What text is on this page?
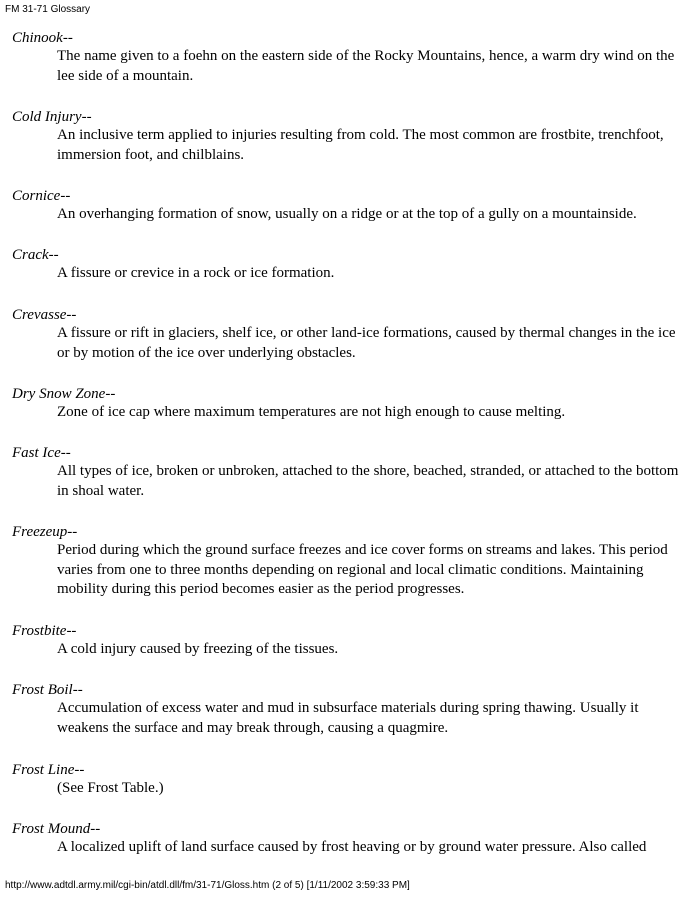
FM 31-71 Glossary
Chinook--
The name given to a foehn on the eastern side of the Rocky Mountains, hence, a warm dry wind on the lee side of a mountain.
Cold Injury--
An inclusive term applied to injuries resulting from cold. The most common are frostbite, trenchfoot, immersion foot, and chilblains.
Cornice--
An overhanging formation of snow, usually on a ridge or at the top of a gully on a mountainside.
Crack--
A fissure or crevice in a rock or ice formation.
Crevasse--
A fissure or rift in glaciers, shelf ice, or other land-ice formations, caused by thermal changes in the ice or by motion of the ice over underlying obstacles.
Dry Snow Zone--
Zone of ice cap where maximum temperatures are not high enough to cause melting.
Fast Ice--
All types of ice, broken or unbroken, attached to the shore, beached, stranded, or attached to the bottom in shoal water.
Freezeup--
Period during which the ground surface freezes and ice cover forms on streams and lakes. This period varies from one to three months depending on regional and local climatic conditions. Maintaining mobility during this period becomes easier as the period progresses.
Frostbite--
A cold injury caused by freezing of the tissues.
Frost Boil--
Accumulation of excess water and mud in subsurface materials during spring thawing. Usually it weakens the surface and may break through, causing a quagmire.
Frost Line--
(See Frost Table.)
Frost Mound--
A localized uplift of land surface caused by frost heaving or by ground water pressure. Also called
http://www.adtdl.army.mil/cgi-bin/atdl.dll/fm/31-71/Gloss.htm (2 of 5) [1/11/2002 3:59:33 PM]
